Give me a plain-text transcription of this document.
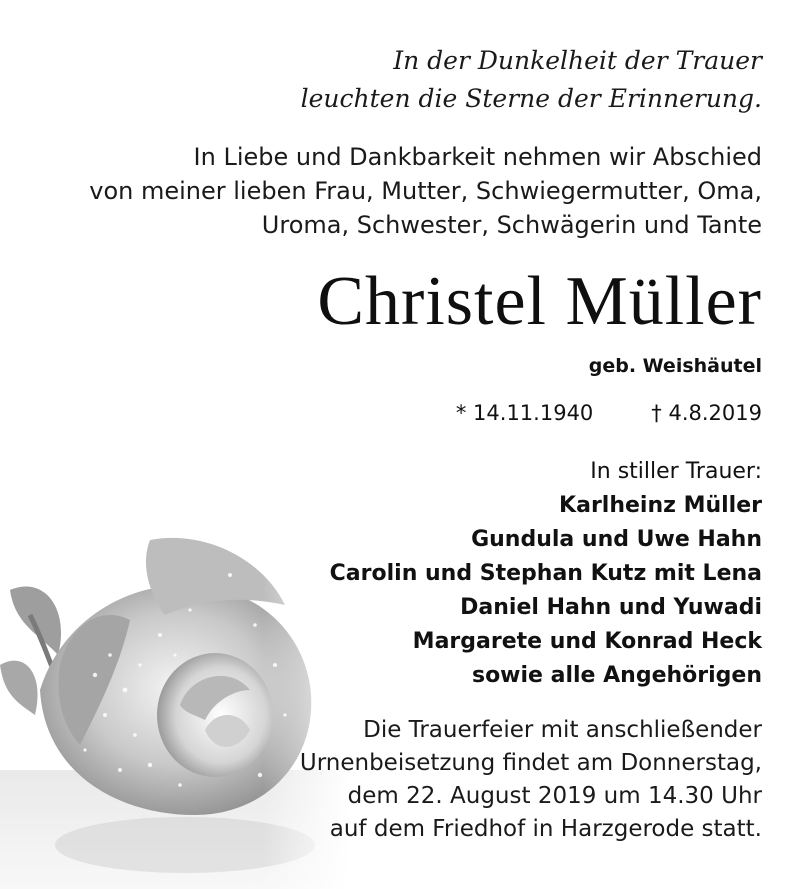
In der Dunkelheit der Trauer
leuchten die Sterne der Erinnerung.
In Liebe und Dankbarkeit nehmen wir Abschied
von meiner lieben Frau, Mutter, Schwiegermutter, Oma,
Uroma, Schwester, Schwägerin und Tante
Christel Müller
geb. Weishäutel
* 14.11.1940	† 4.8.2019
In stiller Trauer:
Karlheinz Müller
Gundula und Uwe Hahn
Carolin und Stephan Kutz mit Lena
Daniel Hahn und Yuwadi
Margarete und Konrad Heck
sowie alle Angehörigen
Die Trauerfeier mit anschließender
Urnenbeisetzung findet am Donnerstag,
dem 22. August 2019 um 14.30 Uhr
auf dem Friedhof in Harzgerode statt.
